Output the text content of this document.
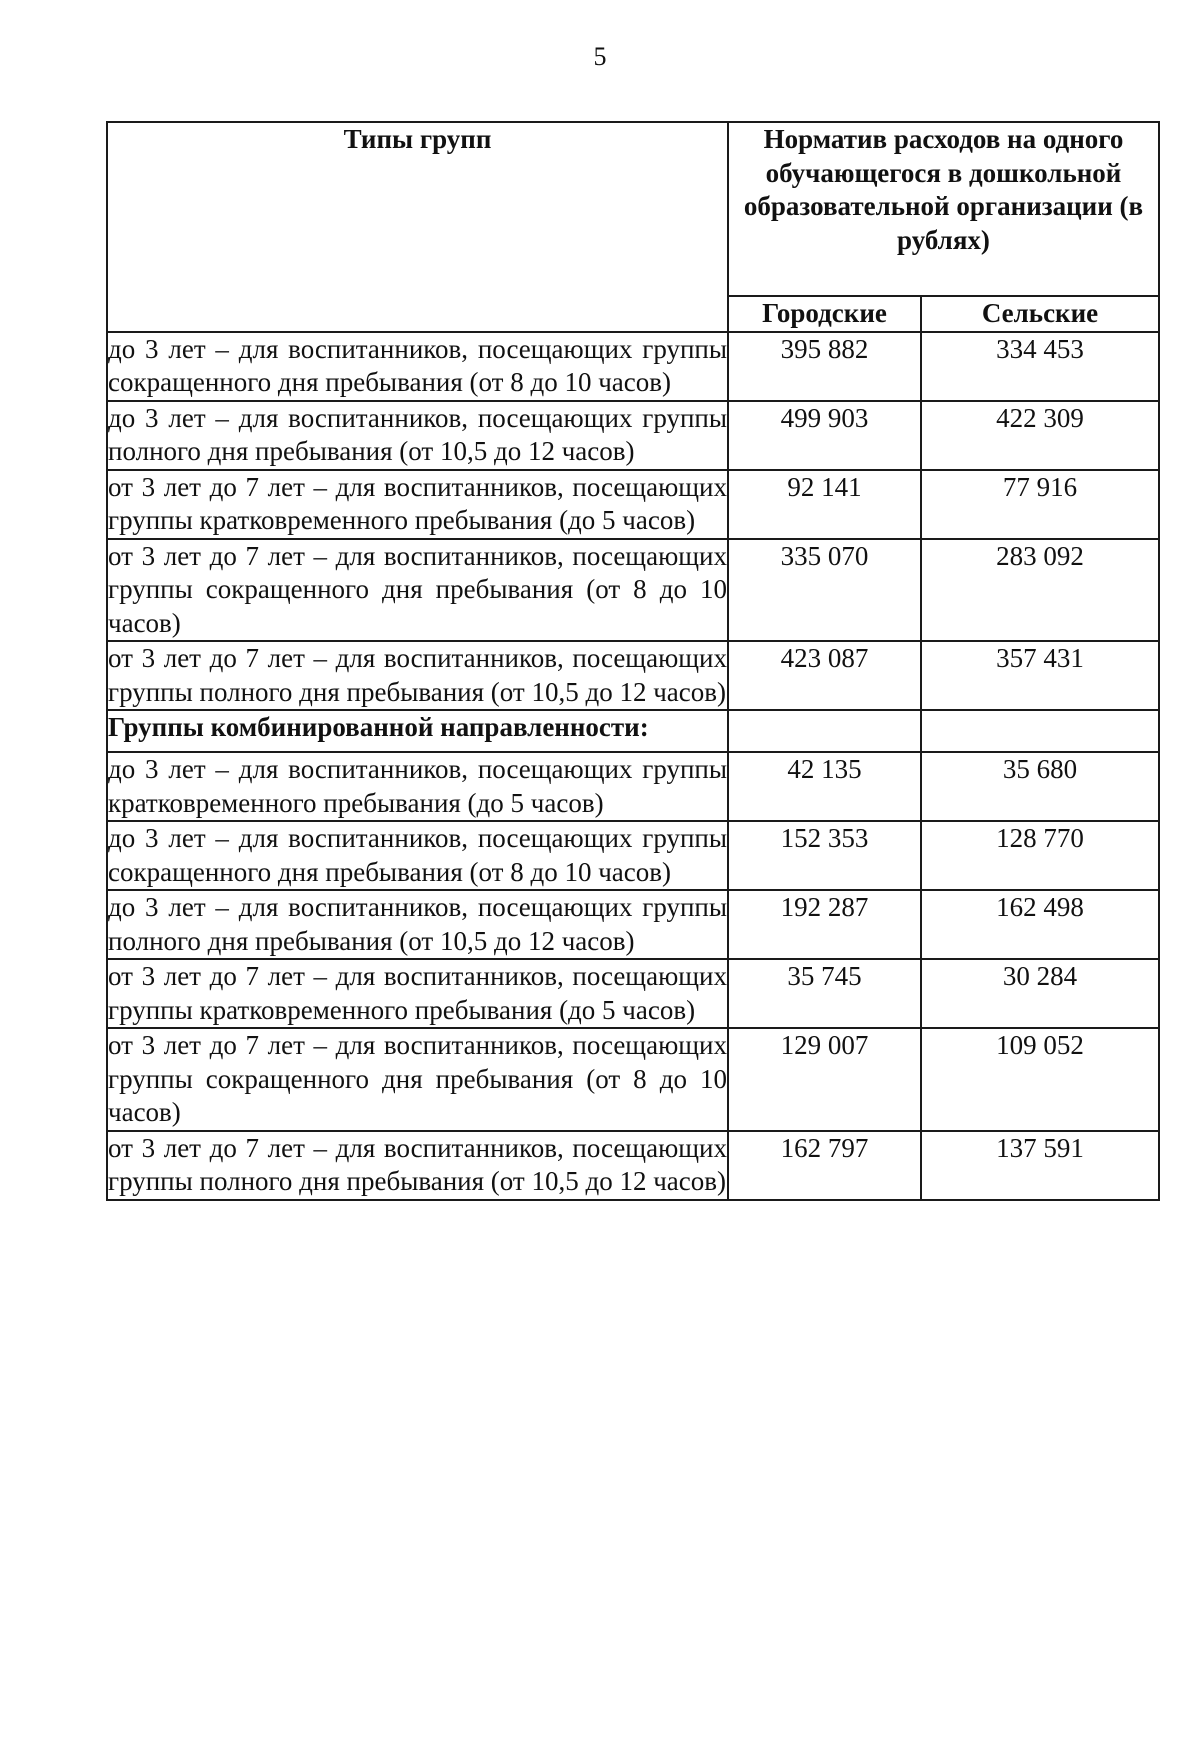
5
Типы групп	Норматив расходов на одного обучающегося в дошкольной образовательной организации (в рублях)	
	Городские	Сельские
до 3 лет – для воспитанников, посещающих группы сокращенного дня пребывания (от 8 до 10 часов)	395 882	334 453
до 3 лет – для воспитанников, посещающих группы полного дня пребывания (от 10,5 до 12 часов)	499 903	422 309
от 3 лет до 7 лет – для воспитанников, посещающих группы кратковременного пребывания (до 5 часов)	92 141	77 916
от 3 лет до 7 лет – для воспитанников, посещающих группы сокращенного дня пребывания (от 8 до 10 часов)	335 070	283 092
от 3 лет до 7 лет – для воспитанников, посещающих группы полного дня пребывания (от 10,5 до 12 часов)	423 087	357 431
Группы комбинированной направленности:		
до 3 лет – для воспитанников, посещающих группы кратковременного пребывания (до 5 часов)	42 135	35 680
до 3 лет – для воспитанников, посещающих группы сокращенного дня пребывания (от 8 до 10 часов)	152 353	128 770
до 3 лет – для воспитанников, посещающих группы полного дня пребывания (от 10,5 до 12 часов)	192 287	162 498
от 3 лет до 7 лет – для воспитанников, посещающих группы кратковременного пребывания (до 5 часов)	35 745	30 284
от 3 лет до 7 лет – для воспитанников, посещающих группы сокращенного дня пребывания (от 8 до 10 часов)	129 007	109 052
от 3 лет до 7 лет – для воспитанников, посещающих группы полного дня пребывания (от 10,5 до 12 часов)	162 797	137 591
